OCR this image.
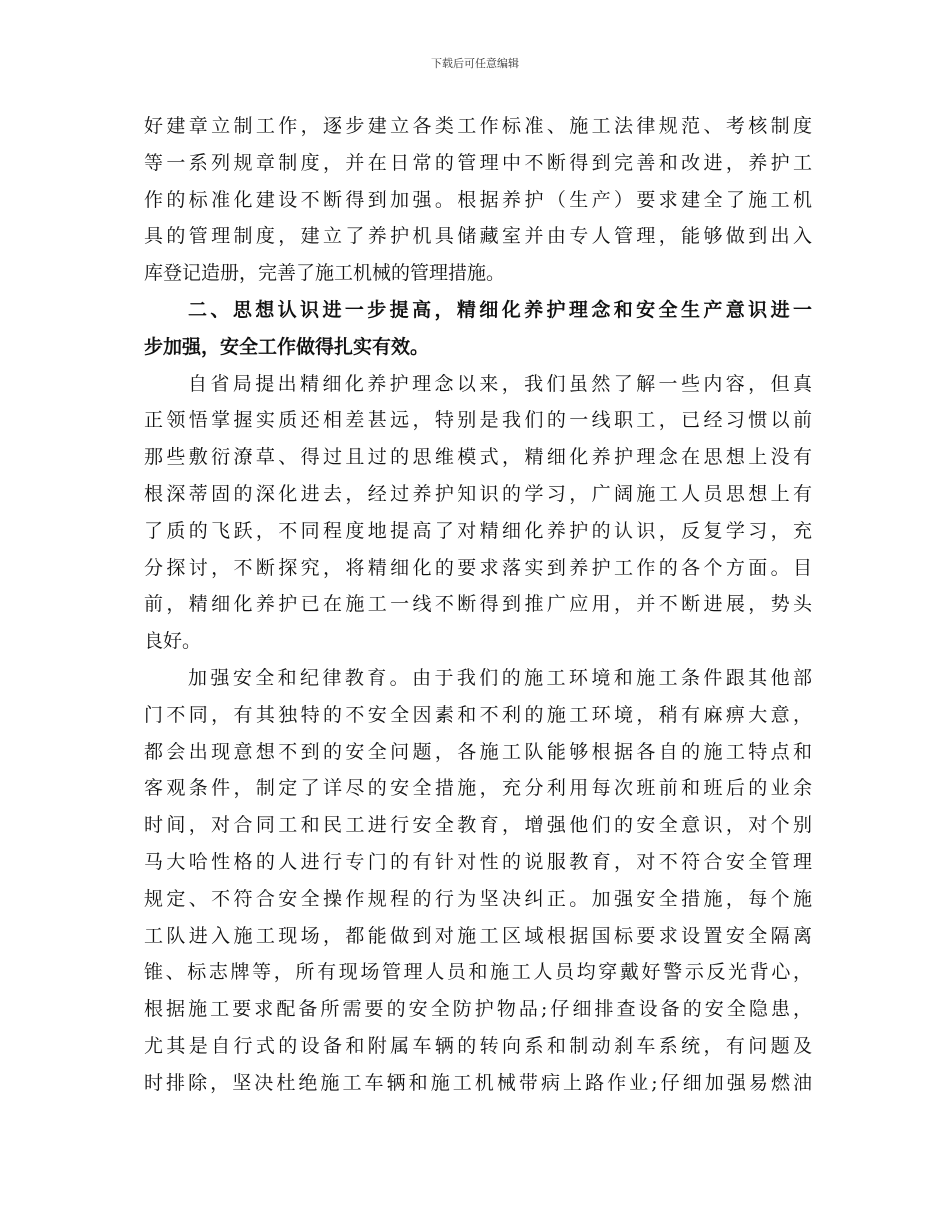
下载后可任意编辑
好建章立制工作，逐步建立各类工作标准、施工法律规范、考核制度
等一系列规章制度，并在日常的管理中不断得到完善和改进，养护工
作的标准化建设不断得到加强。根据养护（生产）要求建全了施工机
具的管理制度，建立了养护机具储藏室并由专人管理，能够做到出入
库登记造册，完善了施工机械的管理措施。
二、思想认识进一步提高，精细化养护理念和安全生产意识进一
步加强，安全工作做得扎实有效。
自省局提出精细化养护理念以来，我们虽然了解一些内容，但真
正领悟掌握实质还相差甚远，特别是我们的一线职工，已经习惯以前
那些敷衍潦草、得过且过的思维模式，精细化养护理念在思想上没有
根深蒂固的深化进去，经过养护知识的学习，广阔施工人员思想上有
了质的飞跃，不同程度地提高了对精细化养护的认识，反复学习，充
分探讨，不断探究，将精细化的要求落实到养护工作的各个方面。目
前，精细化养护已在施工一线不断得到推广应用，并不断进展，势头
良好。
加强安全和纪律教育。由于我们的施工环境和施工条件跟其他部
门不同，有其独特的不安全因素和不利的施工环境，稍有麻痹大意，
都会出现意想不到的安全问题，各施工队能够根据各自的施工特点和
客观条件，制定了详尽的安全措施，充分利用每次班前和班后的业余
时间，对合同工和民工进行安全教育，增强他们的安全意识，对个别
马大哈性格的人进行专门的有针对性的说服教育，对不符合安全管理
规定、不符合安全操作规程的行为坚决纠正。加强安全措施，每个施
工队进入施工现场，都能做到对施工区域根据国标要求设置安全隔离
锥、标志牌等，所有现场管理人员和施工人员均穿戴好警示反光背心，
根据施工要求配备所需要的安全防护物品;仔细排查设备的安全隐患，
尤其是自行式的设备和附属车辆的转向系和制动刹车系统，有问题及
时排除，坚决杜绝施工车辆和施工机械带病上路作业;仔细加强易燃油
